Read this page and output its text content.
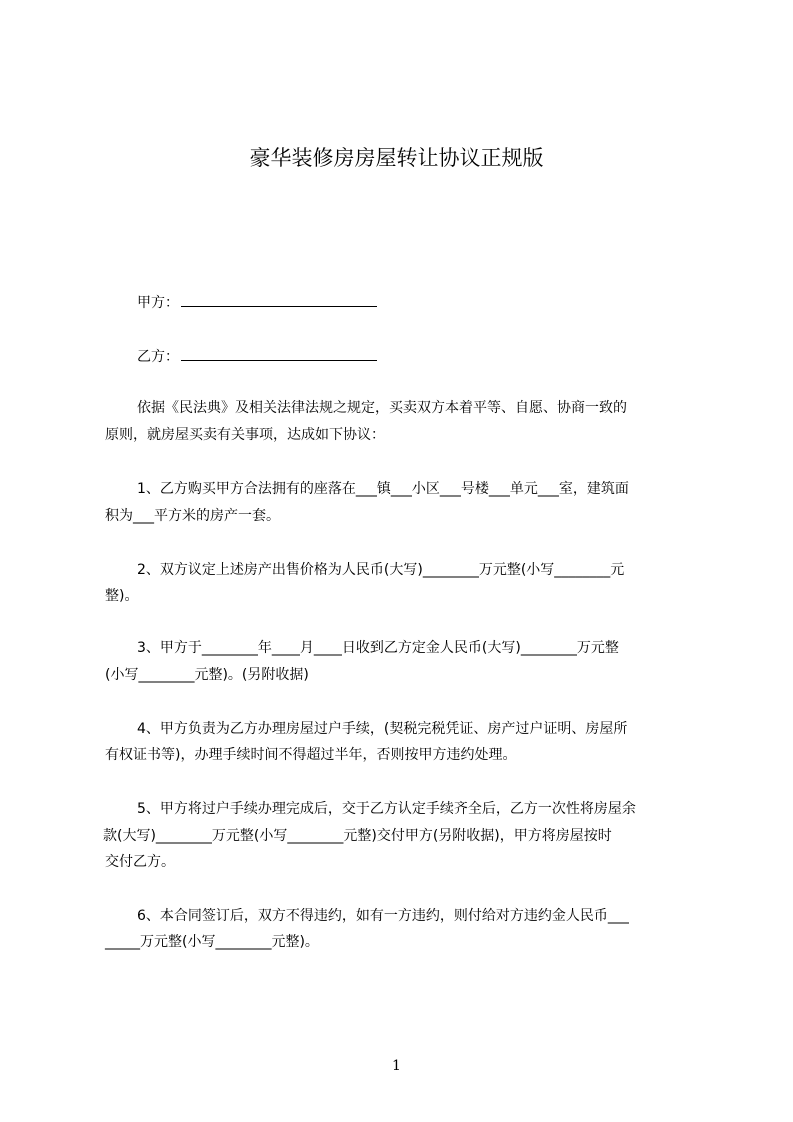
豪华装修房房屋转让协议正规版
甲方：
乙方：
依据《民法典》及相关法律法规之规定，买卖双方本着平等、自愿、协商一致的
原则，就房屋买卖有关事项，达成如下协议：
1、乙方购买甲方合法拥有的座落在___镇___小区___号楼___单元___室，建筑面
积为___平方米的房产一套。
2、双方议定上述房产出售价格为人民币(大写)________万元整(小写________元
整)。
3、甲方于________年____月____日收到乙方定金人民币(大写)________万元整
(小写________元整)。(另附收据)
4、甲方负责为乙方办理房屋过户手续，(契税完税凭证、房产过户证明、房屋所
有权证书等)，办理手续时间不得超过半年，否则按甲方违约处理。
5、甲方将过户手续办理完成后，交于乙方认定手续齐全后，乙方一次性将房屋余
款(大写)________万元整(小写________元整)交付甲方(另附收据)，甲方将房屋按时
交付乙方。
6、本合同签订后，双方不得违约，如有一方违约，则付给对方违约金人民币___
_____万元整(小写________元整)。
1
